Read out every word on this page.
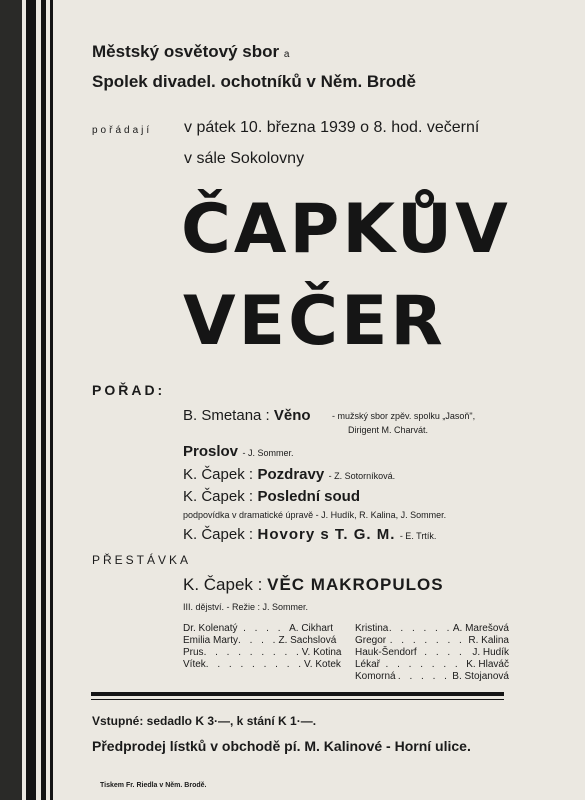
Městský osvětový sbor a
Spolek divadel. ochotníků v Něm. Brodě
pořádají v pátek 10. března 1939 o 8. hod. večerní
v sále Sokolovny
ČAPKŮV
VEČER
POŘAD:
B. Smetana : Věno - mužský sbor zpěv. spolku „Jasoň",
Dirigent M. Charvát.
Proslov - J. Sommer.
K. Čapek : Pozdravy - Z. Sotorníková.
K. Čapek : Poslední soud
podpovídka v dramatické úpravě - J. Hudík, R. Kalina, J. Sommer.
K. Čapek : Hovory s T. G. M. - E. Trtík.
PŘESTÁVKA
K. Čapek : VĚC MAKROPULOS
III. dějství. - Režie : J. Sommer.
Dr. Kolenatý . . . . A. Cikhart
Emilia Marty . . . . Z. Sachslová
Prus . . . . . . . . . V. Kotina
Vítek . . . . . . . . . V. Kotek
Kristina . . . . . . A. Marešová
Gregor . . . . . . . R. Kalina
Hauk-Šendorf . . . . J. Hudík
Lékař . . . . . . . K. Hlaváč
Komorná . . . . . B. Stojanová
Vstupné: sedadlo K 3·—, k stání K 1·—.
Předprodej lístků v obchodě pí. M. Kalinové - Horní ulice.
Tiskem Fr. Riedla v Něm. Brodě.
